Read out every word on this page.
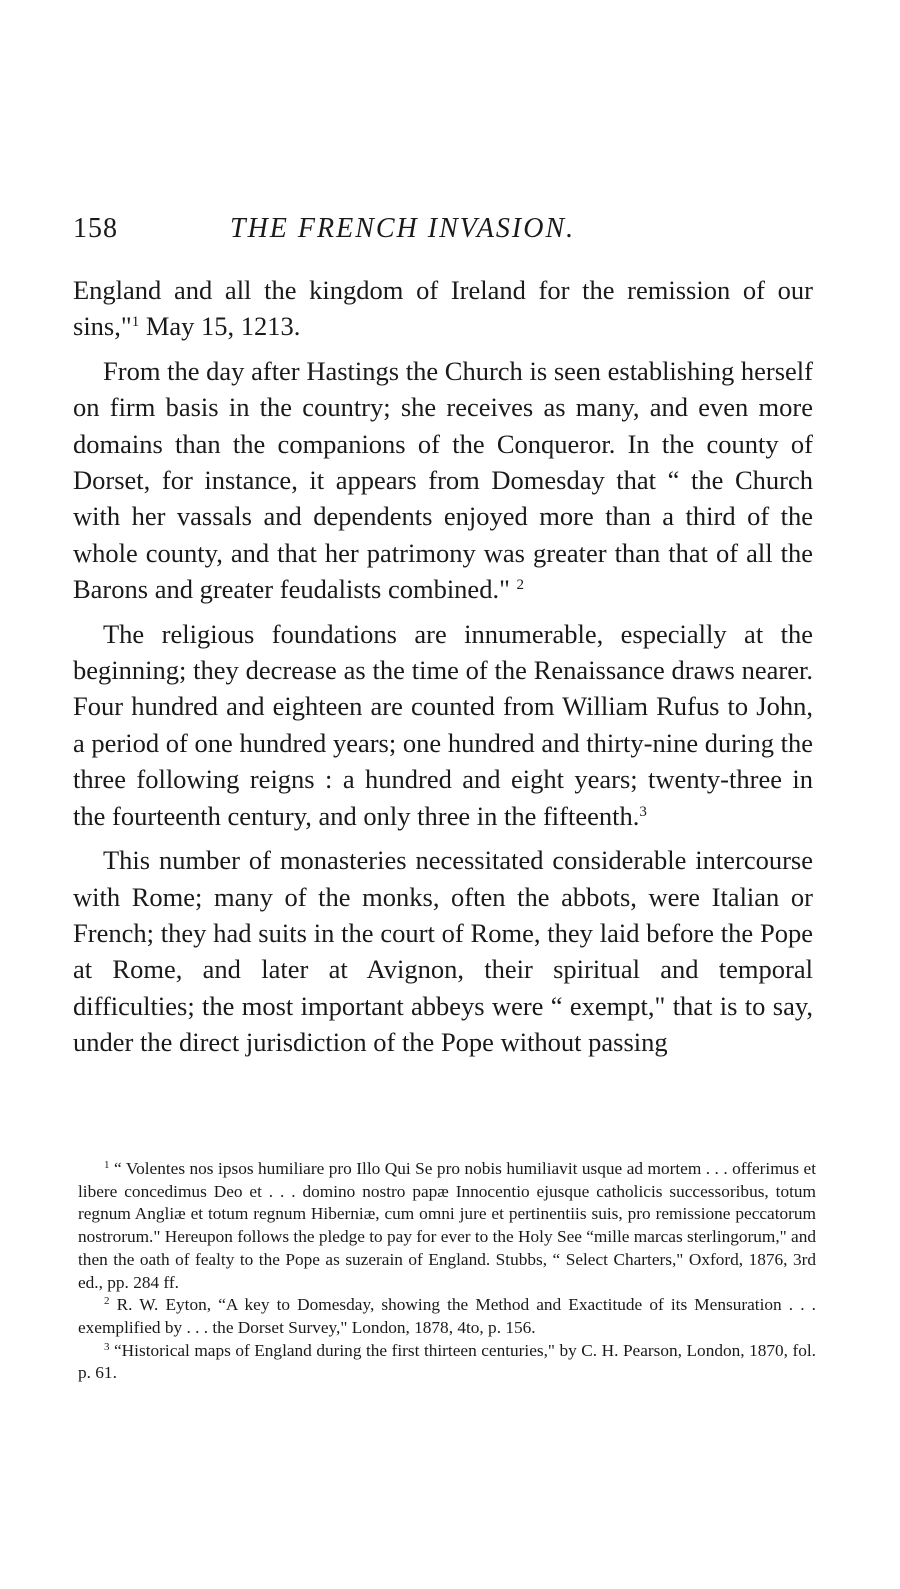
158	THE FRENCH INVASION.

England and all the kingdom of Ireland for the remission of our sins,"$^1$ May 15, 1213.

From the day after Hastings the Church is seen establishing herself on firm basis in the country; she receives as many, and even more domains than the companions of the Conqueror. In the county of Dorset, for instance, it appears from Domesday that “ the Church with her vassals and dependents enjoyed more than a third of the whole county, and that her patrimony was greater than that of all the Barons and greater feudalists combined." $^2$

The religious foundations are innumerable, especially at the beginning; they decrease as the time of the Renaissance draws nearer. Four hundred and eighteen are counted from William Rufus to John, a period of one hundred years; one hundred and thirty-nine during the three following reigns : a hundred and eight years; twenty-three in the fourteenth century, and only three in the fifteenth.$^3$

This number of monasteries necessitated considerable intercourse with Rome; many of the monks, often the abbots, were Italian or French; they had suits in the court of Rome, they laid before the Pope at Rome, and later at Avignon, their spiritual and temporal difficulties; the most important abbeys were “ exempt," that is to say, under the direct jurisdiction of the Pope without passing

$^1$ “ Volentes nos ipsos humiliare pro Illo Qui Se pro nobis humiliavit usque ad mortem . . . offerimus et libere concedimus Deo et . . . domino nostro papæ Innocentio ejusque catholicis successoribus, totum regnum Angliæ et totum regnum Hiberniæ, cum omni jure et pertinentiis suis, pro remissione peccatorum nostrorum." Hereupon follows the pledge to pay for ever to the Holy See “mille marcas sterlingorum," and then the oath of fealty to the Pope as suzerain of England. Stubbs, “ Select Charters," Oxford, 1876, 3rd ed., pp. 284 ff.

$^2$ R. W. Eyton, “A key to Domesday, showing the Method and Exactitude of its Mensuration . . . exemplified by . . . the Dorset Survey," London, 1878, 4to, p. 156.

$^3$ “Historical maps of England during the first thirteen centuries," by C. H. Pearson, London, 1870, fol. p. 61.
